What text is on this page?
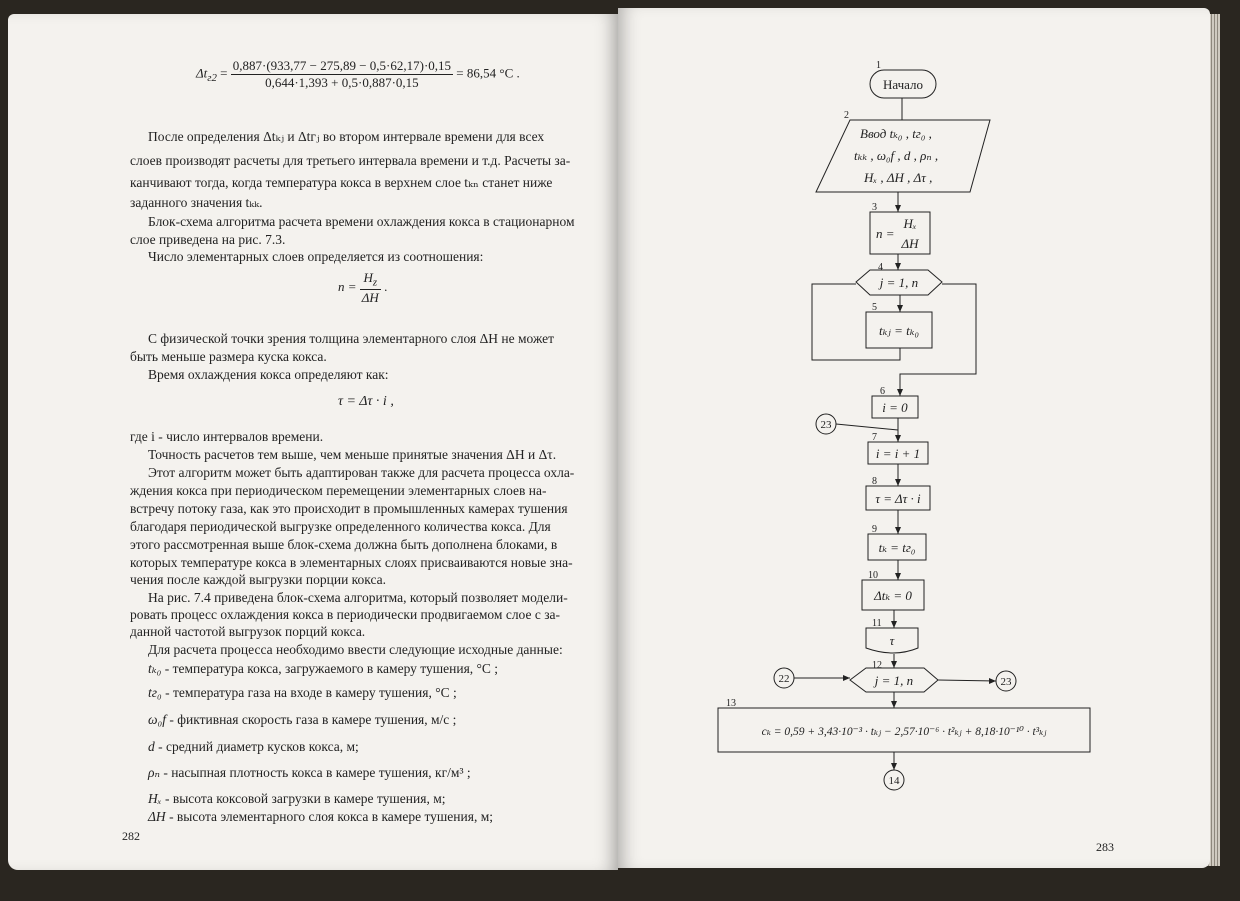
$\Delta t_{г2} = \frac{0,887\cdot(933,77 - 275,89 - 0,5\cdot 62,17)\cdot 0,15}{0,644\cdot 1,393 + 0,5\cdot 0,887\cdot 0,15} = 86,54$ °C .
После определения Δtₖⱼ и Δtгⱼ во втором интервале времени для всех
слоев производят расчеты для третьего интервала времени и т.д. Расчеты за-
канчивают тогда, когда температура кокса в верхнем слое tₖₙ станет ниже
заданного значения tₖₖ.
Блок-схема алгоритма расчета времени охлаждения кокса в стационарном
слое приведена на рис. 7.3.
Число элементарных слоев определяется из соотношения:
$n = \frac{H_z}{\Delta H}$ .
С физической точки зрения толщина элементарного слоя ΔH не может
быть меньше размера куска кокса.
Время охлаждения кокса определяют как:
τ = Δτ · i ,
где i - число интервалов времени.
Точность расчетов тем выше, чем меньше принятые значения ΔH и Δτ.
Этот алгоритм может быть адаптирован также для расчета процесса охла-
ждения кокса при периодическом перемещении элементарных слоев на-
встречу потоку газа, как это происходит в промышленных камерах тушения
благодаря периодической выгрузке определенного количества кокса. Для
этого рассмотренная выше блок-схема должна быть дополнена блоками, в
которых температуре кокса в элементарных слоях присваиваются новые зна-
чения после каждой выгрузки порции кокса.
На рис. 7.4 приведена блок-схема алгоритма, который позволяет модели-
ровать процесс охлаждения кокса в периодически продвигаемом слое с за-
данной частотой выгрузок порций кокса.
Для расчета процесса необходимо ввести следующие исходные данные:
tₖ₀ - температура кокса, загружаемого в камеру тушения, °C ;
tг₀ - температура газа на входе в камеру тушения, °C ;
ω₀f - фиктивная скорость газа в камере тушения, м/с ;
d - средний диаметр кусков кокса, м;
ρₙ - насыпная плотность кокса в камере тушения, кг/м³ ;
Hₓ - высота коксовой загрузки в камере тушения, м;
ΔH - высота элементарного слоя кокса в камере тушения, м;
282
1
2
3
4
5
6
7
8
9
10
11
12
13
Начало
Ввод tₖ₀ , tг₀ ,
tₖₖ , ω₀f , d , ρₙ ,
Hₓ , ΔH , Δτ ,
n =
Hₓ
ΔH
j = 1, n
tₖⱼ = tₖ₀
i = 0
i = i + 1
τ = Δτ · i
tₖ = tг₀
Δtₖ = 0
τ
j = 1, n
cₖ = 0,59 + 3,43·10⁻³ · tₖⱼ − 2,57·10⁻⁶ · t²ₖⱼ + 8,18·10⁻¹⁰ · t³ₖⱼ
23
22	23
14
283
